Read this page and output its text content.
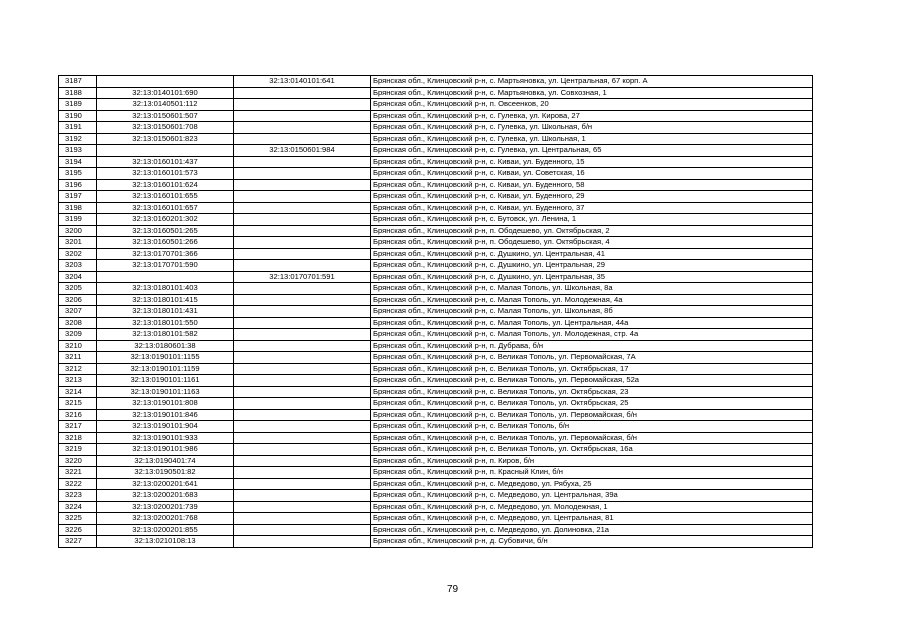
3187		32:13:0140101:641	Брянская обл., Клинцовский р-н, с. Мартьяновка, ул. Центральная, 67 корп. А
3188	32:13:0140101:690		Брянская обл., Клинцовский р-н, с. Мартьяновка, ул. Совхозная, 1
3189	32:13:0140501:112		Брянская обл., Клинцовский р-н, п. Овсеенков, 20
3190	32:13:0150601:507		Брянская обл., Клинцовский р-н, с. Гулевка, ул. Кирова, 27
3191	32:13:0150601:708		Брянская обл., Клинцовский р-н, с. Гулевка, ул. Школьная, б/н
3192	32:13:0150601:823		Брянская обл., Клинцовский р-н, с. Гулевка, ул. Школьная, 1
3193		32:13:0150601:984	Брянская обл., Клинцовский р-н, с. Гулевка, ул. Центральная, 65
3194	32:13:0160101:437		Брянская обл., Клинцовский р-н, с. Киваи, ул. Буденного, 15
3195	32:13:0160101:573		Брянская обл., Клинцовский р-н, с. Киваи, ул. Советская, 16
3196	32:13:0160101:624		Брянская обл., Клинцовский р-н, с. Киваи, ул. Буденного, 58
3197	32:13:0160101:655		Брянская обл., Клинцовский р-н, с. Киваи, ул. Буденного, 29
3198	32:13:0160101:657		Брянская обл., Клинцовский р-н, с. Киваи, ул. Буденного, 37
3199	32:13:0160201:302		Брянская обл., Клинцовский р-н, с. Бутовск, ул. Ленина, 1
3200	32:13:0160501:265		Брянская обл., Клинцовский р-н, п. Ободешево, ул. Октябрьская, 2
3201	32:13:0160501:266		Брянская обл., Клинцовский р-н, п. Ободешево, ул. Октябрьская, 4
3202	32:13:0170701:366		Брянская обл., Клинцовский р-н, с. Душкино, ул. Центральная, 41
3203	32:13:0170701:590		Брянская обл., Клинцовский р-н, с. Душкино, ул. Центральная, 29
3204		32:13:0170701:591	Брянская обл., Клинцовский р-н, с. Душкино, ул. Центральная, 35
3205	32:13:0180101:403		Брянская обл., Клинцовский р-н, с. Малая Тополь, ул. Школьная, 8а
3206	32:13:0180101:415		Брянская обл., Клинцовский р-н, с. Малая Тополь, ул. Молодежная, 4а
3207	32:13:0180101:431		Брянская обл., Клинцовский р-н, с. Малая Тополь, ул. Школьная, 8б
3208	32:13:0180101:550		Брянская обл., Клинцовский р-н, с. Малая Тополь, ул. Центральная, 44а
3209	32:13:0180101:582		Брянская обл., Клинцовский р-н, с. Малая Тополь, ул. Молодежная, стр. 4а
3210	32:13:0180601:38		Брянская обл., Клинцовский р-н, п. Дубрава, б/н
3211	32:13:0190101:1155		Брянская обл., Клинцовский р-н, с. Великая Тополь, ул. Первомайская, 7А
3212	32:13:0190101:1159		Брянская обл., Клинцовский р-н, с. Великая Тополь, ул. Октябрьская, 17
3213	32:13:0190101:1161		Брянская обл., Клинцовский р-н, с. Великая Тополь, ул. Первомайская, 52а
3214	32:13:0190101:1163		Брянская обл., Клинцовский р-н, с. Великая Тополь, ул. Октябрьская, 23
3215	32:13:0190101:808		Брянская обл., Клинцовский р-н, с. Великая Тополь, ул. Октябрьская, 25
3216	32:13:0190101:846		Брянская обл., Клинцовский р-н, с. Великая Тополь, ул. Первомайская, б/н
3217	32:13:0190101:904		Брянская обл., Клинцовский р-н, с. Великая Тополь, б/н
3218	32:13:0190101:933		Брянская обл., Клинцовский р-н, с. Великая Тополь, ул. Первомайская, б/н
3219	32:13:0190101:986		Брянская обл., Клинцовский р-н, с. Великая Тополь, ул. Октябрьская, 16а
3220	32:13:0190401:74		Брянская обл., Клинцовский р-н, п. Киров, б/н
3221	32:13:0190501:82		Брянская обл., Клинцовский р-н, п. Красный Клин, б/н
3222	32:13:0200201:641		Брянская обл., Клинцовский р-н, с. Медведово, ул. Рябуха, 25
3223	32:13:0200201:683		Брянская обл., Клинцовский р-н, с. Медведово, ул. Центральная, 39а
3224	32:13:0200201:739		Брянская обл., Клинцовский р-н, с. Медведово, ул. Молодежная, 1
3225	32:13:0200201:768		Брянская обл., Клинцовский р-н, с. Медведово, ул. Центральная, 81
3226	32:13:0200201:855		Брянская обл., Клинцовский р-н, с. Медведово, ул. Долиновка, 21а
3227	32:13:0210108:13		Брянская обл., Клинцовский р-н, д. Субовичи, б/н
79
